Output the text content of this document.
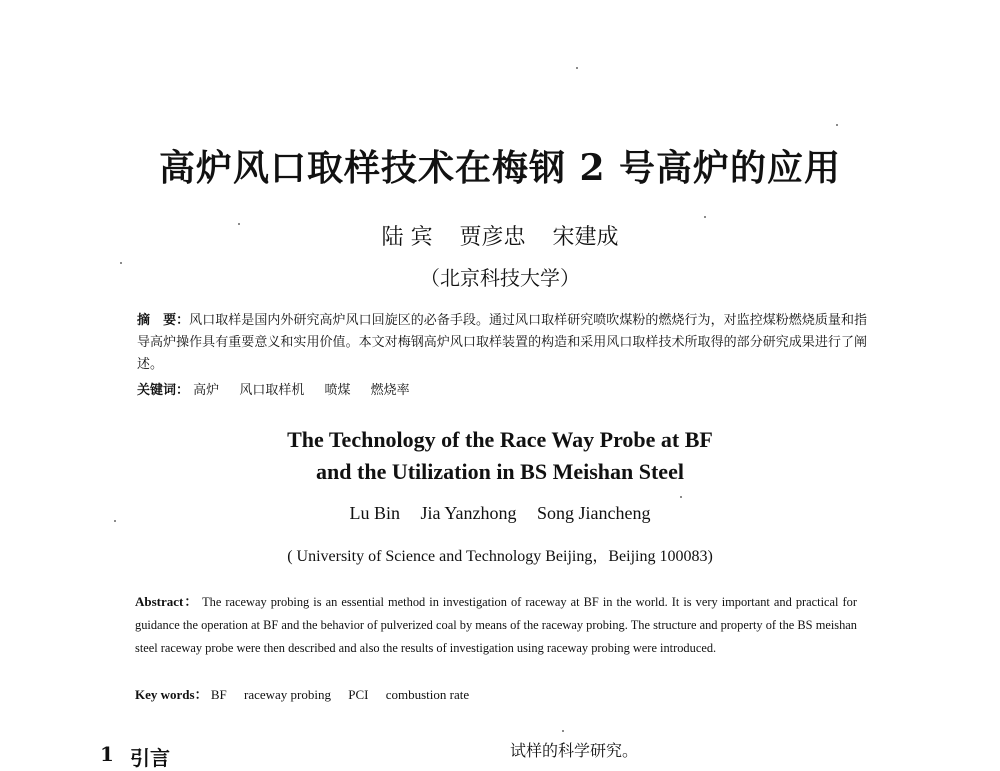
高炉风口取样技术在梅钢 2 号高炉的应用
陆 宾 贾彦忠 宋建成
（北京科技大学）
摘　要：风口取样是国内外研究高炉风口回旋区的必备手段。通过风口取样研究喷吹煤粉的燃烧行为，对监控煤粉燃烧质量和指导高炉操作具有重要意义和实用价值。本文对梅钢高炉风口取样装置的构造和采用风口取样技术所取得的部分研究成果进行了阐述。
关键词： 高炉 风口取样机 喷煤 燃烧率
The Technology of the Race Way Probe at BF
and the Utilization in BS Meishan Steel
Lu Bin Jia Yanzhong Song Jiancheng
( University of Science and Technology Beijing，Beijing 100083)
Abstract： The raceway probing is an essential method in investigation of raceway at BF in the world. It is very important and practical for guidance the operation at BF and the behavior of pulverized coal by means of the raceway probing. The structure and property of the BS meishan steel raceway probe were then described and also the results of investigation using raceway probing were introduced.
Key words： BF raceway probing PCI combustion rate
1 引言	试样的科学研究。
